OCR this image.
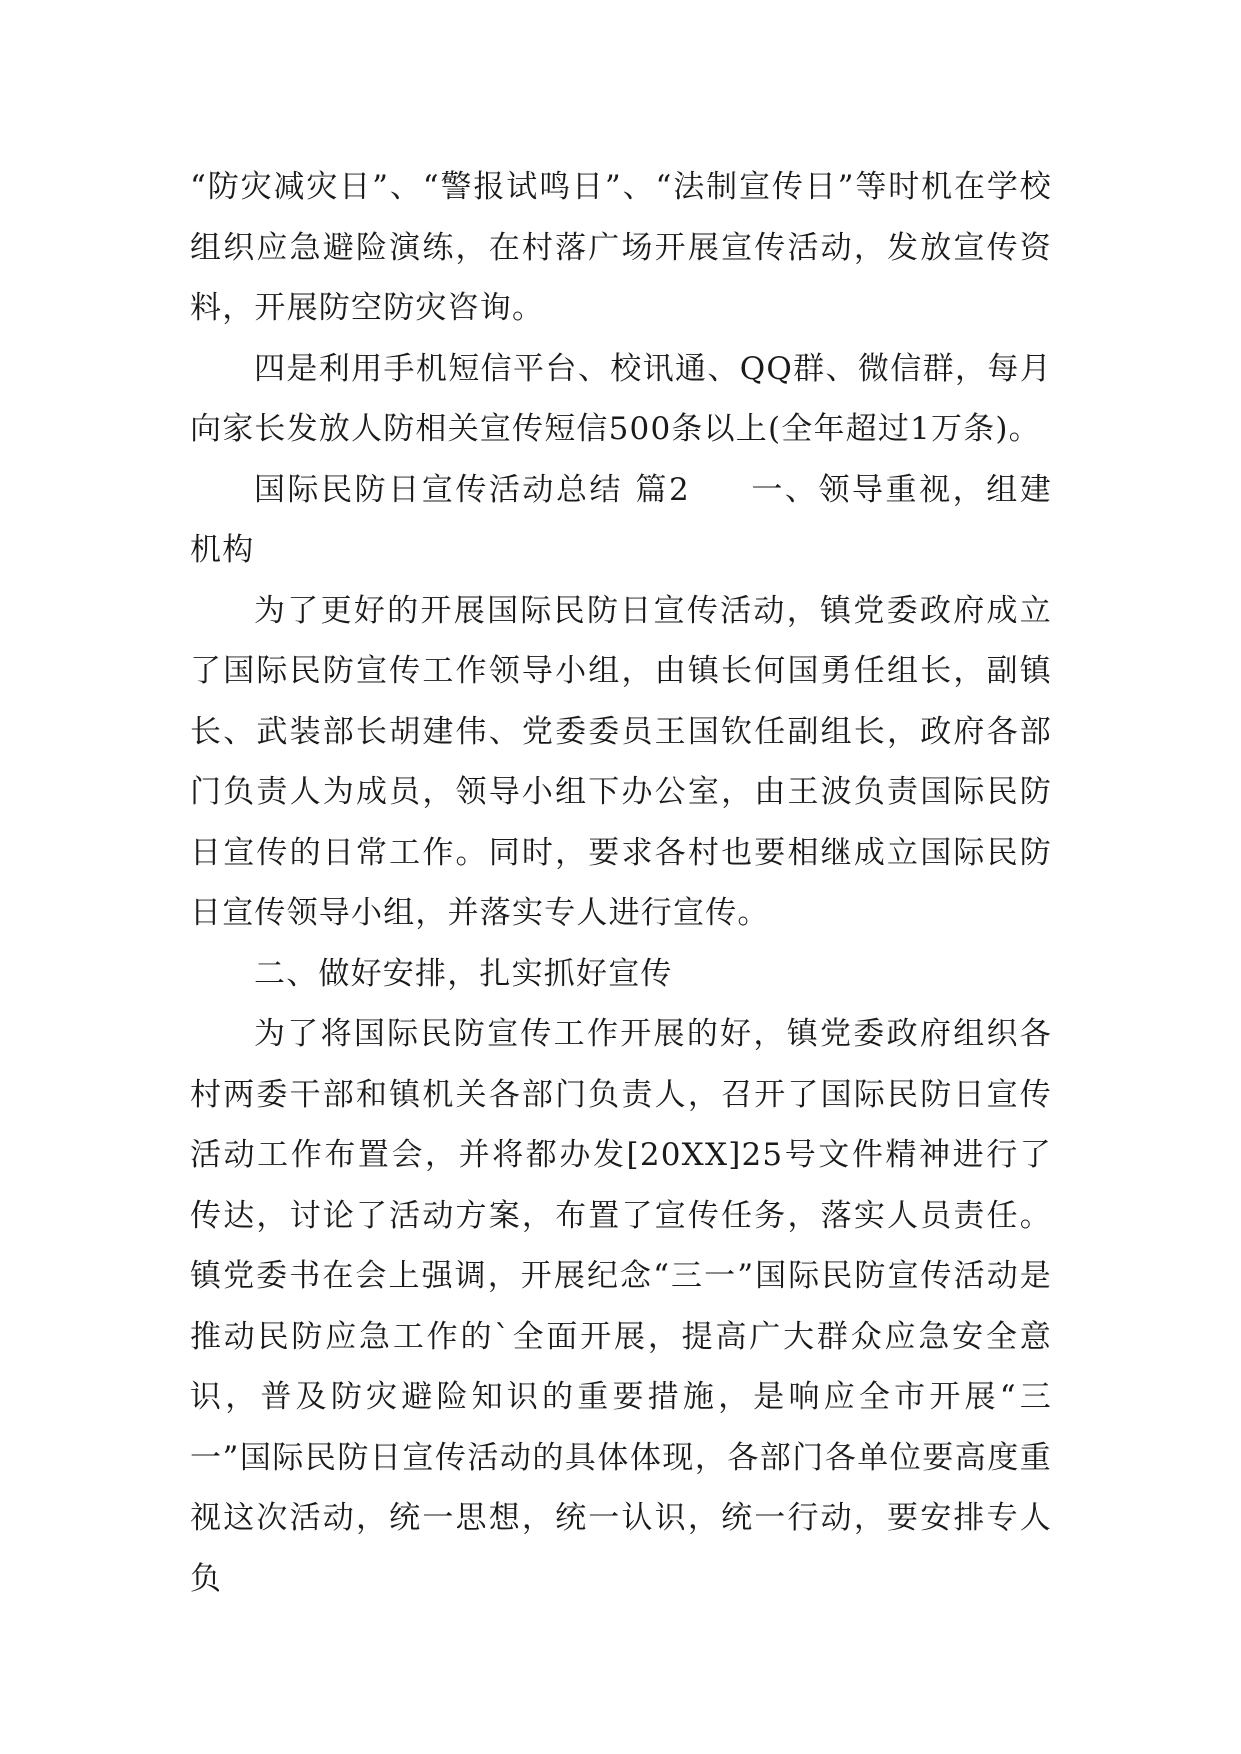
“防灾减灾日”、“警报试鸣日”、“法制宣传日”等时机在学校组织应急避险演练，在村落广场开展宣传活动，发放宣传资料，开展防空防灾咨询。

四是利用手机短信平台、校讯通、QQ群、微信群，每月向家长发放人防相关宣传短信500条以上(全年超过1万条)。

国际民防日宣传活动总结 篇2 一、领导重视，组建机构

为了更好的开展国际民防日宣传活动，镇党委政府成立了国际民防宣传工作领导小组，由镇长何国勇任组长，副镇长、武装部长胡建伟、党委委员王国钦任副组长，政府各部门负责人为成员，领导小组下办公室，由王波负责国际民防日宣传的日常工作。同时，要求各村也要相继成立国际民防日宣传领导小组，并落实专人进行宣传。

二、做好安排，扎实抓好宣传

为了将国际民防宣传工作开展的好，镇党委政府组织各村两委干部和镇机关各部门负责人，召开了国际民防日宣传活动工作布置会，并将都办发[20XX]25号文件精神进行了传达，讨论了活动方案，布置了宣传任务，落实人员责任。镇党委书在会上强调，开展纪念“三一”国际民防宣传活动是推动民防应急工作的`全面开展，提高广大群众应急安全意识，普及防灾避险知识的重要措施，是响应全市开展“三一”国际民防日宣传活动的具体体现，各部门各单位要高度重视这次活动，统一思想，统一认识，统一行动，要安排专人负
